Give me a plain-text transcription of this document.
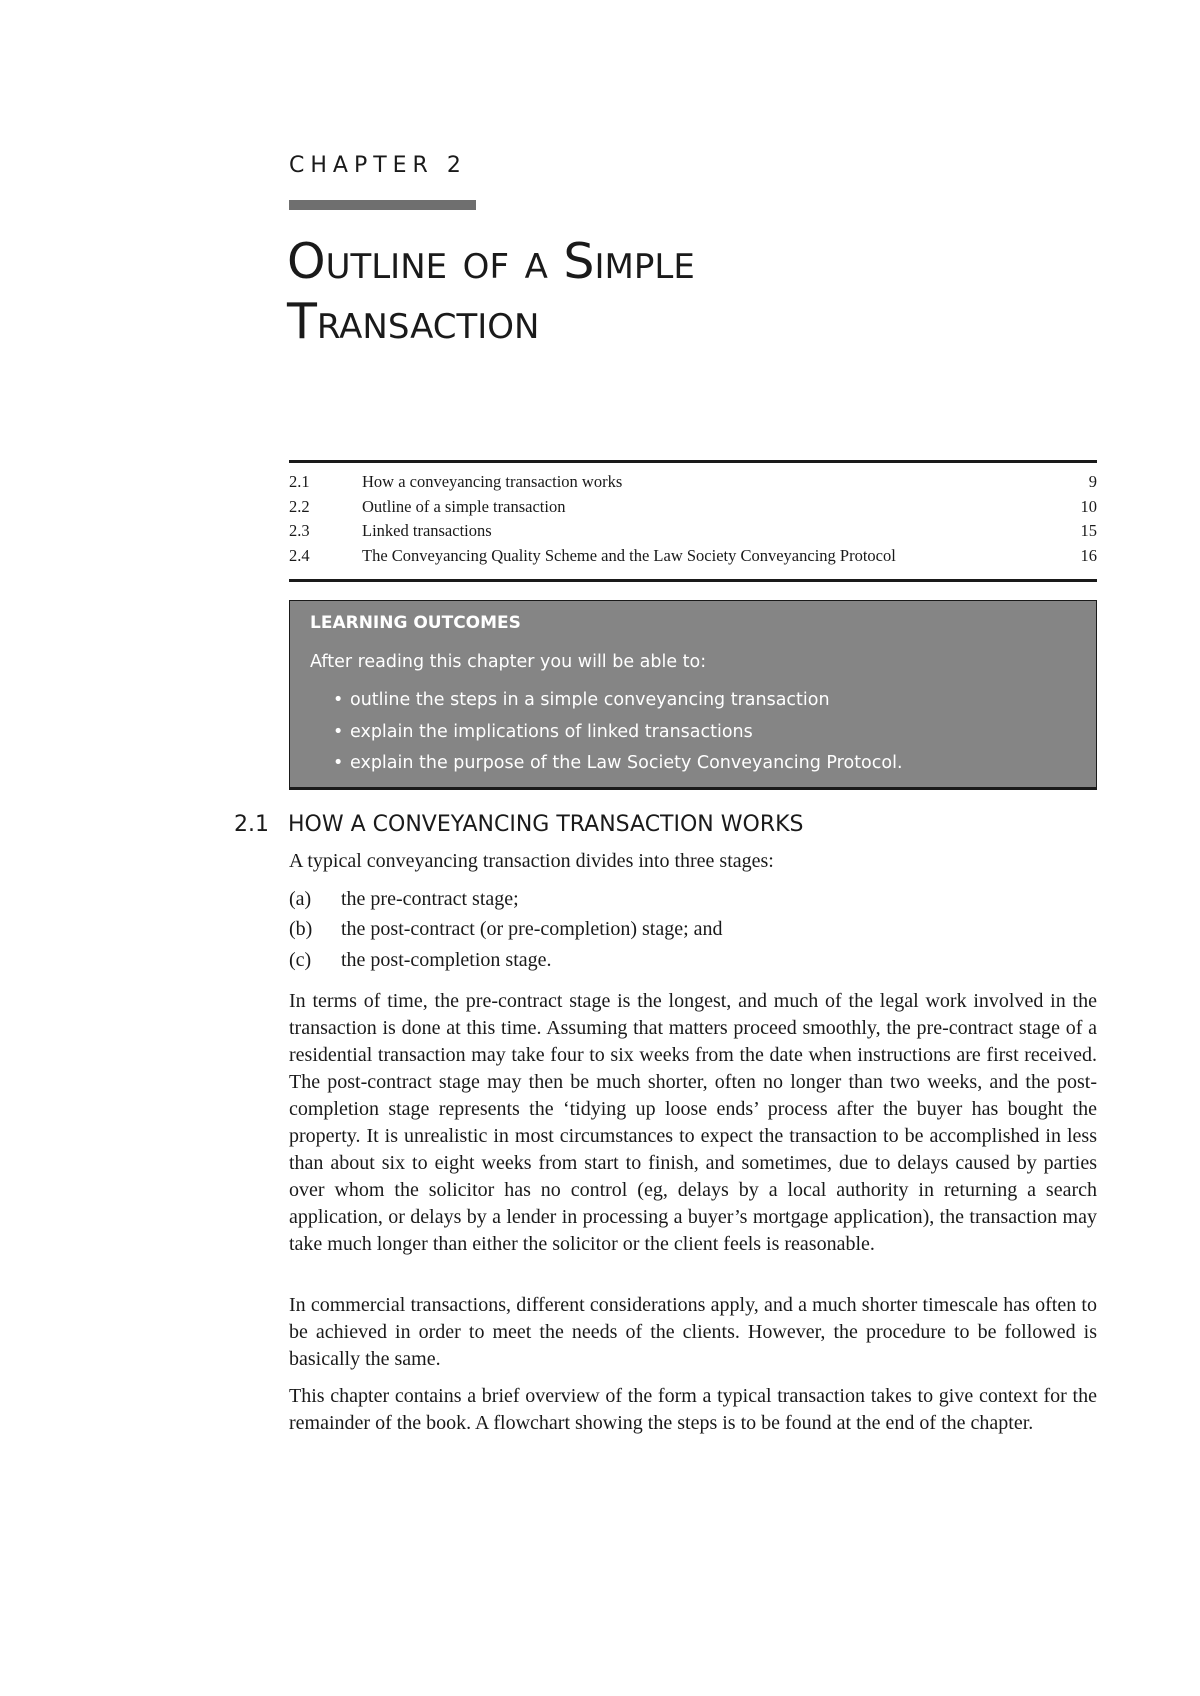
CHAPTER 2
Outline of a Simple
Transaction
2.1	How a conveyancing transaction works	9
2.2	Outline of a simple transaction	10
2.3	Linked transactions	15
2.4	The Conveyancing Quality Scheme and the Law Society Conveyancing Protocol	16
LEARNING OUTCOMES
After reading this chapter you will be able to:
• outline the steps in a simple conveyancing transaction
• explain the implications of linked transactions
• explain the purpose of the Law Society Conveyancing Protocol.
2.1 HOW A CONVEYANCING TRANSACTION WORKS

A typical conveyancing transaction divides into three stages:

(a) the pre-contract stage;
(b) the post-contract (or pre-completion) stage; and
(c) the post-completion stage.

In terms of time, the pre-contract stage is the longest, and much of the legal work involved in the transaction is done at this time. Assuming that matters proceed smoothly, the pre-contract stage of a residential transaction may take four to six weeks from the date when instructions are first received. The post-contract stage may then be much shorter, often no longer than two weeks, and the post-completion stage represents the ‘tidying up loose ends’ process after the buyer has bought the property. It is unrealistic in most circumstances to expect the transaction to be accomplished in less than about six to eight weeks from start to finish, and sometimes, due to delays caused by parties over whom the solicitor has no control (eg, delays by a local authority in returning a search application, or delays by a lender in processing a buyer’s mortgage application), the transaction may take much longer than either the solicitor or the client feels is reasonable.

In commercial transactions, different considerations apply, and a much shorter timescale has often to be achieved in order to meet the needs of the clients. However, the procedure to be followed is basically the same.

This chapter contains a brief overview of the form a typical transaction takes to give context for the remainder of the book. A flowchart showing the steps is to be found at the end of the chapter.
